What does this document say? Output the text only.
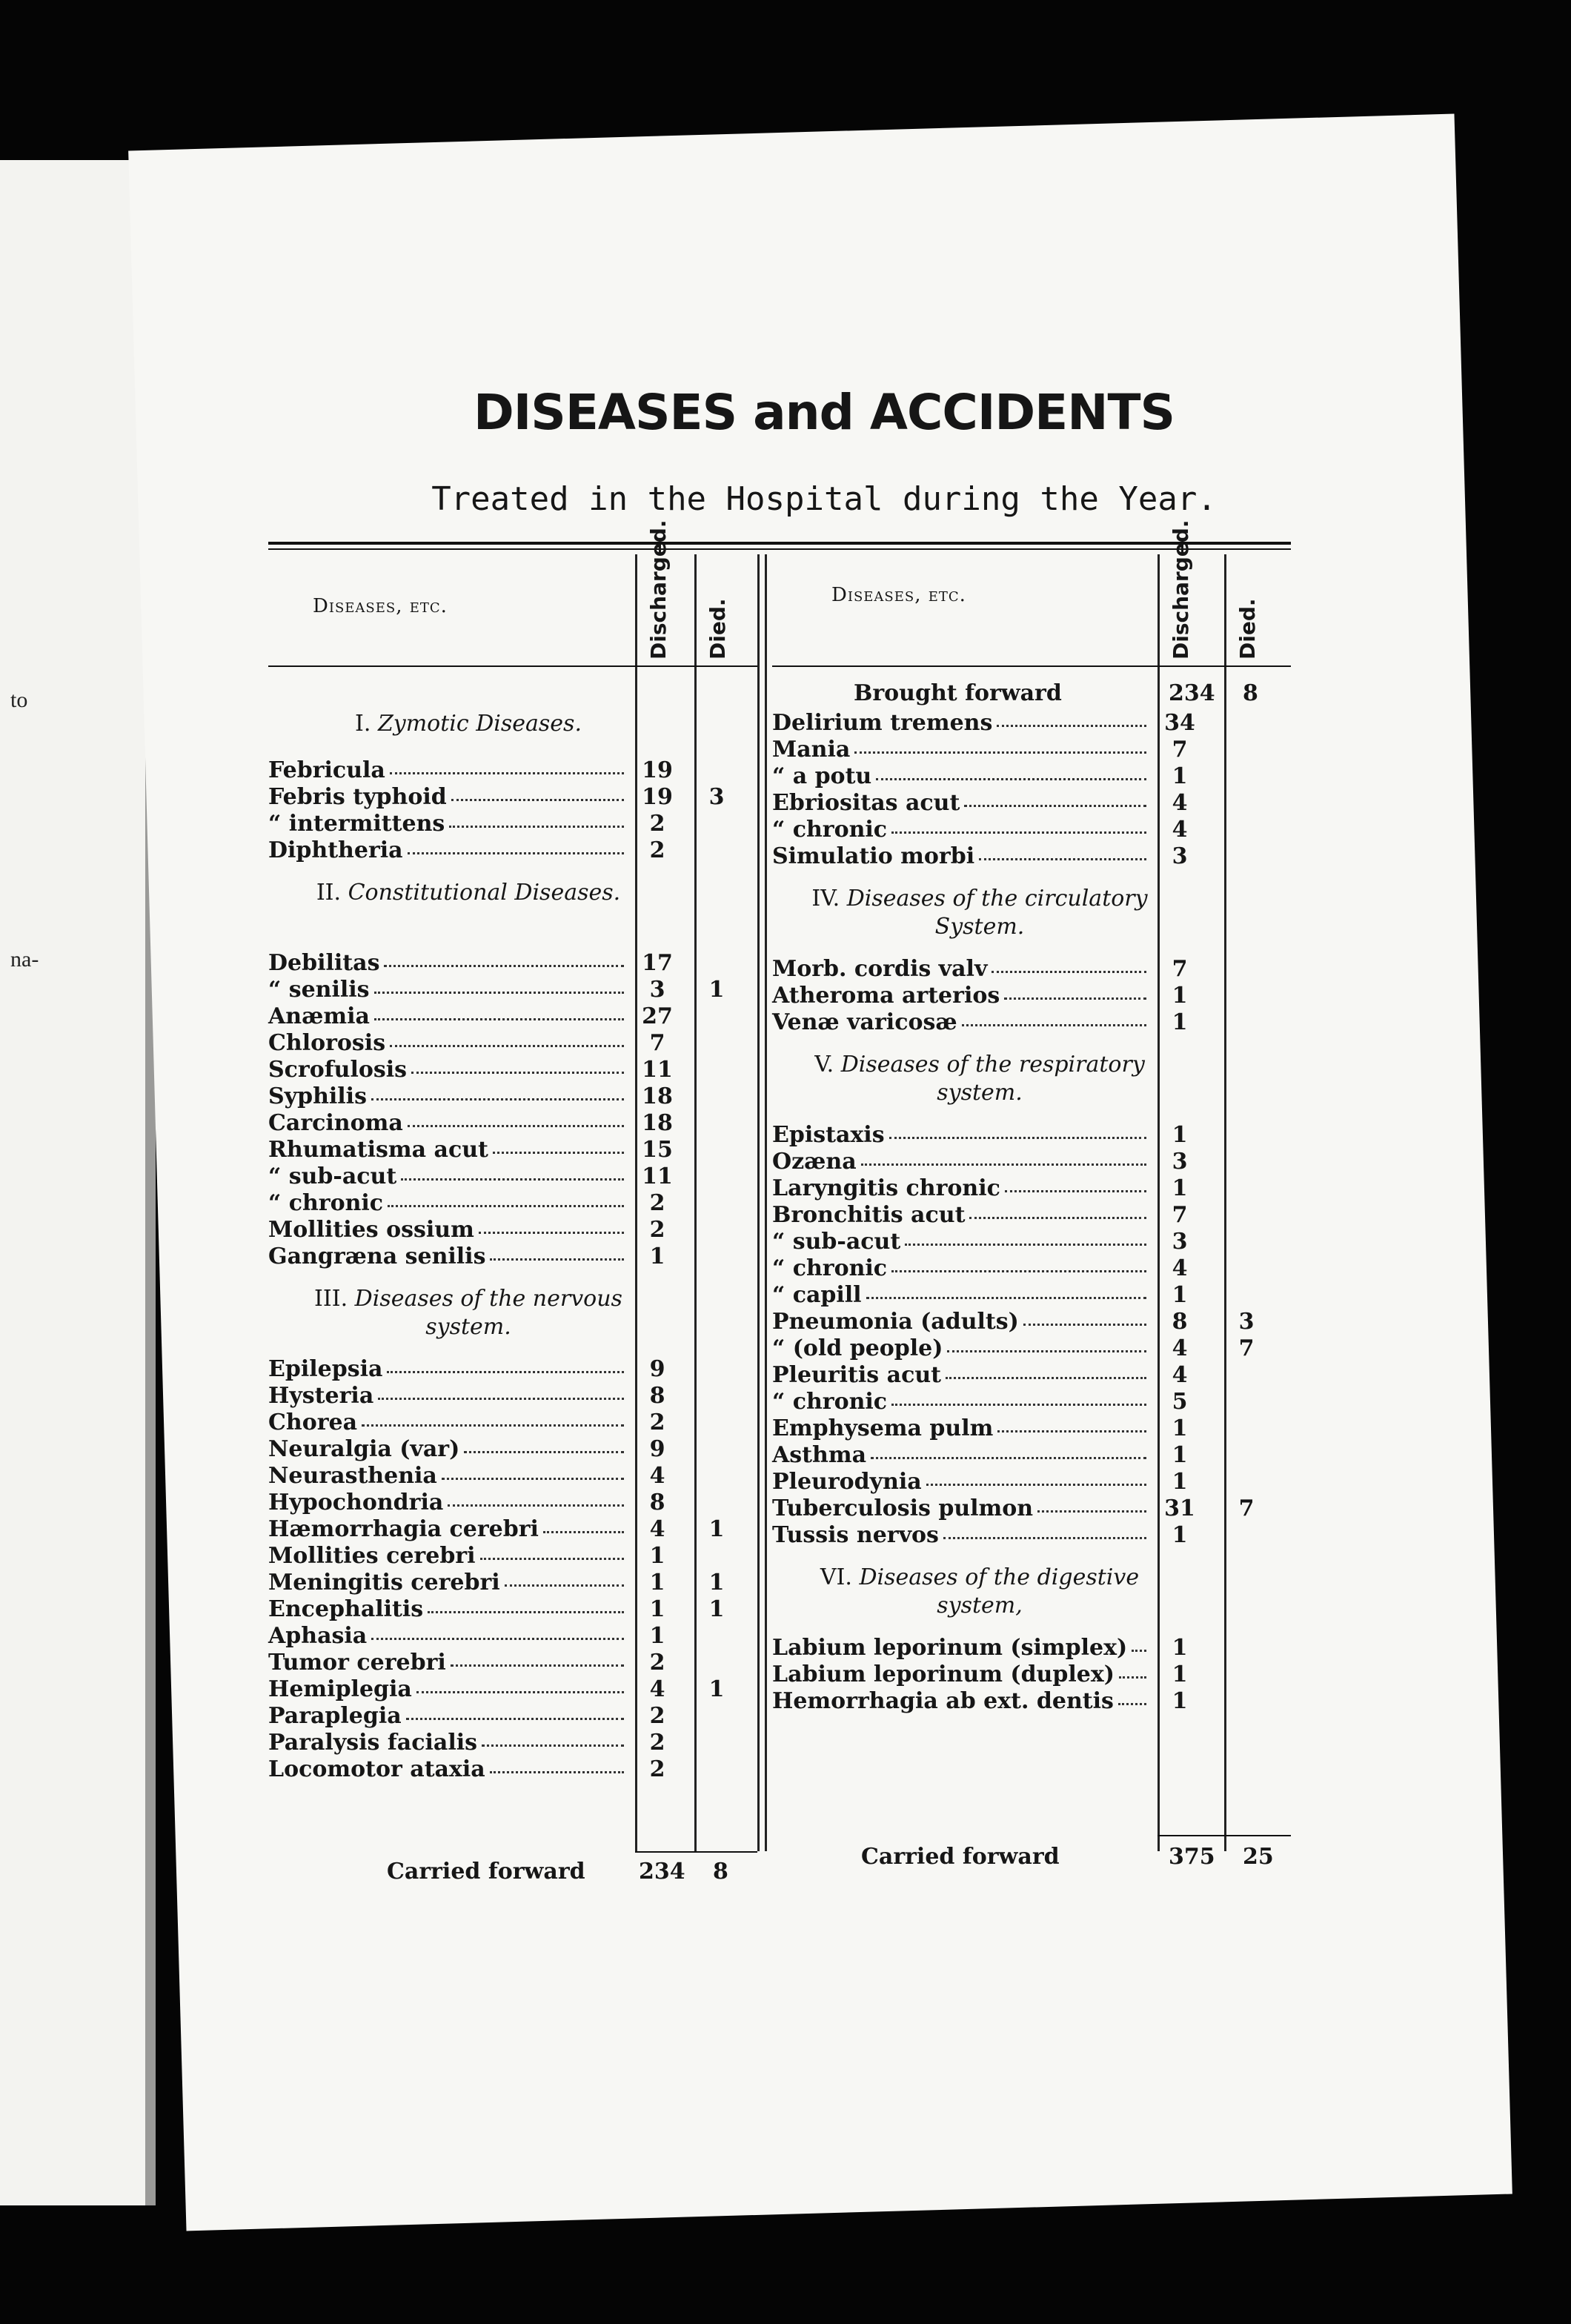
to
na-
DISEASES and ACCIDENTS
Treated in the Hospital during the Year.
Diseases, etc.	Diseases, etc.
Discharged. Died.	Discharged. Died.
I. Zymotic Diseases.
Febricula	19
Febris typhoid	19	3
“ intermittens	2
Diphtheria	2
II. Constitutional Diseases.
Debilitas	17
“ senilis	3	1
Anæmia	27
Chlorosis	7
Scrofulosis	11
Syphilis	18
Carcinoma	18
Rhumatisma acut	15
“ sub-acut	11
“ chronic	2
Mollities ossium	2
Gangræna senilis	1
III. Diseases of the nervous system.
Epilepsia	9
Hysteria	8
Chorea	2
Neuralgia (var)	9
Neurasthenia	4
Hypochondria	8
Hæmorrhagia cerebri	4	1
Mollities cerebri	1
Meningitis cerebri	1	1
Encephalitis	1	1
Aphasia	1
Tumor cerebri	2
Hemiplegia	4	1
Paraplegia	2
Paralysis facialis	2
Locomotor ataxia	2
Carried forward 234 8
Brought forward	234 8
Delirium tremens	34
Mania	7
“ a potu	1
Ebriositas acut	4
“ chronic	4
Simulatio morbi	3
IV. Diseases of the circulatory System.
Morb. cordis valv	7
Atheroma arterios	1
Venæ varicosæ	1
V. Diseases of the respiratory system.
Epistaxis	1
Ozæna	3
Laryngitis chronic	1
Bronchitis acut	7
“ sub-acut	3
“ chronic	4
“ capill	1
Pneumonia (adults)	8	3
“ (old people)	4	7
Pleuritis acut	4
“ chronic	5
Emphysema pulm	1
Asthma	1
Pleurodynia	1
Tuberculosis pulmon	31	7
Tussis nervos	1
VI. Diseases of the digestive system,
Labium leporinum (simplex)	1
Labium leporinum (duplex)	1
Hemorrhagia ab ext. dentis	1
Carried forward	375 25
